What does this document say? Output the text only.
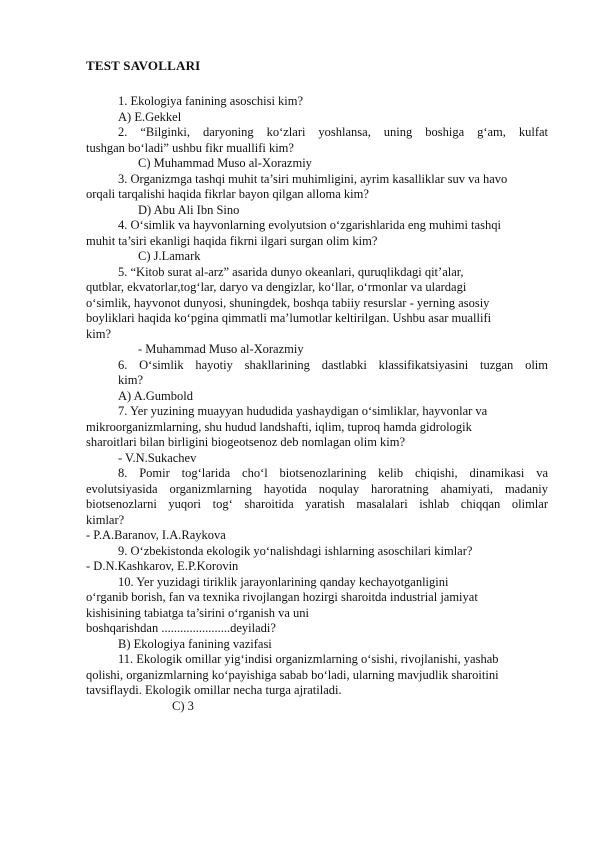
TEST SAVOLLARI
1. Ekologiya fanining asoschisi kim?
A) E.Gekkel
2. “Bilginki, daryoning ko‘zlari yoshlansa, uning boshiga g‘am, kulfat
tushgan bo‘ladi” ushbu fikr muallifi kim?
C) Muhammad Muso al-Xorazmiy
3. Organizmga tashqi muhit ta’siri muhimligini, ayrim kasalliklar suv va havo
orqali tarqalishi haqida fikrlar bayon qilgan alloma kim?
D) Abu Ali Ibn Sino
4. O‘simlik va hayvonlarning evolyutsion o‘zgarishlarida eng muhimi tashqi
muhit ta’siri ekanligi haqida fikrni ilgari surgan olim kim?
C) J.Lamark
5. “Kitob surat al-arz” asarida dunyo okeanlari, quruqlikdagi qit’alar,
qutblar, ekvatorlar,tog‘lar, daryo va dengizlar, ko‘llar, o‘rmonlar va ulardagi
o‘simlik, hayvonot dunyosi, shuningdek, boshqa tabiiy resurslar - yerning asosiy
boyliklari haqida ko‘pgina qimmatli ma’lumotlar keltirilgan. Ushbu asar muallifi
kim?
- Muhammad Muso al-Xorazmiy
6. O‘simlik hayotiy shakllarining dastlabki klassifikatsiyasini tuzgan olim
kim?
A) A.Gumbold
7. Yer yuzining muayyan hududida yashaydigan o‘simliklar, hayvonlar va
mikroorganizmlarning, shu hudud landshafti, iqlim, tuproq hamda gidrologik
sharoitlari bilan birligini biogeotsenoz deb nomlagan olim kim?
- V.N.Sukachev
8. Pomir tog‘larida cho‘l biotsenozlarining kelib chiqishi, dinamikasi va
evolutsiyasida organizmlarning hayotida noqulay haroratning ahamiyati, madaniy
biotsenozlarni yuqori tog‘ sharoitida yaratish masalalari ishlab chiqqan olimlar
kimlar?
- P.A.Baranov, I.A.Raykova
9. O‘zbekistonda ekologik yo‘nalishdagi ishlarning asoschilari kimlar?
- D.N.Kashkarov, E.P.Korovin
10. Yer yuzidagi tiriklik jarayonlarining qanday kechayotganligini
o‘rganib borish, fan va texnika rivojlangan hozirgi sharoitda industrial jamiyat
kishisining tabiatga ta’sirini o‘rganish va uni
boshqarishdan ......................deyiladi?
B) Ekologiya fanining vazifasi
11. Ekologik omillar yig‘indisi organizmlarning o‘sishi, rivojlanishi, yashab
qolishi, organizmlarning ko‘payishiga sabab bo‘ladi, ularning mavjudlik sharoitini
tavsiflaydi. Ekologik omillar necha turga ajratiladi.
C) 3
